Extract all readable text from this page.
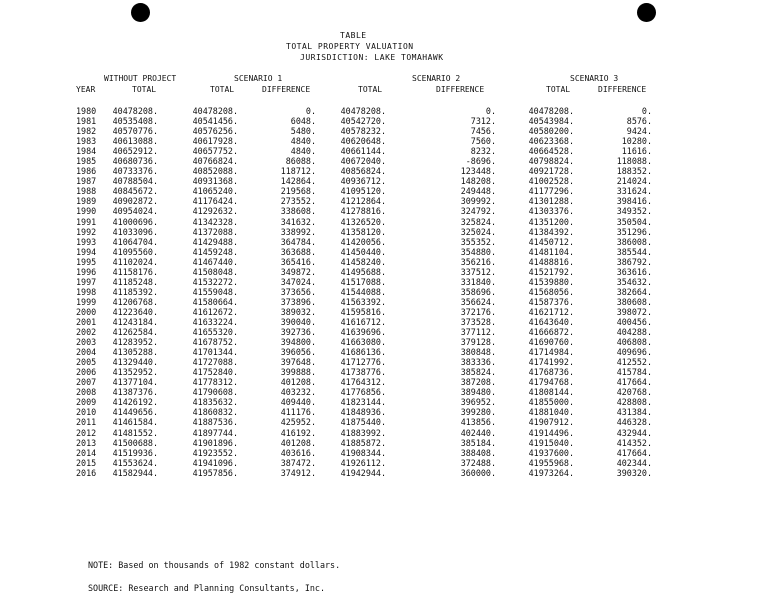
TABLE
TOTAL PROPERTY VALUATION
JURISDICTION: LAKE TOMAHAWK
WITHOUT PROJECT	SCENARIO 1	SCENARIO 2	SCENARIO 3
YEAR	TOTAL	TOTAL	DIFFERENCE	TOTAL	DIFFERENCE	TOTAL	DIFFERENCE
1980	40478208.	40478208.	0.	40478208.	0.	40478208.	0.
1981	40535408.	40541456.	6048.	40542720.	7312.	40543984.	8576.
1982	40570776.	40576256.	5480.	40578232.	7456.	40580200.	9424.
1983	40613088.	40617928.	4840.	40620648.	7560.	40623368.	10280.
1984	40652912.	40657752.	4840.	40661144.	8232.	40664528.	11616.
1985	40680736.	40766824.	86088.	40672040.	-8696.	40798824.	118088.
1986	40733376.	40852088.	118712.	40856824.	123448.	40921728.	188352.
1987	40788504.	40931368.	142864.	40936712.	148208.	41002528.	214024.
1988	40845672.	41065240.	219568.	41095120.	249448.	41177296.	331624.
1989	40902872.	41176424.	273552.	41212864.	309992.	41301288.	398416.
1990	40954024.	41292632.	338608.	41278816.	324792.	41303376.	349352.
1991	41000696.	41342328.	341632.	41326520.	325824.	41351200.	350504.
1992	41033096.	41372088.	338992.	41358120.	325024.	41384392.	351296.
1993	41064704.	41429488.	364784.	41420056.	355352.	41450712.	386008.
1994	41095560.	41459248.	363688.	41450440.	354880.	41481104.	385544.
1995	41102024.	41467440.	365416.	41458240.	356216.	41488816.	386792.
1996	41158176.	41508048.	349872.	41495688.	337512.	41521792.	363616.
1997	41185248.	41532272.	347024.	41517088.	331840.	41539880.	354632.
1998	41185392.	41559048.	373656.	41544088.	358696.	41568056.	382664.
1999	41206768.	41580664.	373896.	41563392.	356624.	41587376.	380608.
2000	41223640.	41612672.	389032.	41595816.	372176.	41621712.	398072.
2001	41243184.	41633224.	390040.	41616712.	373528.	41643640.	400456.
2002	41262584.	41655320.	392736.	41639696.	377112.	41666872.	404288.
2003	41283952.	41678752.	394800.	41663080.	379128.	41690760.	406808.
2004	41305288.	41701344.	396056.	41686136.	380848.	41714984.	409696.
2005	41329440.	41727088.	397648.	41712776.	383336.	41741992.	412552.
2006	41352952.	41752840.	399888.	41738776.	385824.	41768736.	415784.
2007	41377104.	41778312.	401208.	41764312.	387208.	41794768.	417664.
2008	41387376.	41790608.	403232.	41776856.	389480.	41808144.	420768.
2009	41426192.	41835632.	409440.	41823144.	396952.	41855000.	428808.
2010	41449656.	41860832.	411176.	41848936.	399280.	41881040.	431384.
2011	41461584.	41887536.	425952.	41875440.	413856.	41907912.	446328.
2012	41481552.	41897744.	416192.	41883992.	402440.	41914496.	432944.
2013	41500688.	41901896.	401208.	41885872.	385184.	41915040.	414352.
2014	41519936.	41923552.	403616.	41908344.	388408.	41937600.	417664.
2015	41553624.	41941096.	387472.	41926112.	372488.	41955968.	402344.
2016	41582944.	41957856.	374912.	41942944.	360000.	41973264.	390320.
NOTE: Based on thousands of 1982 constant dollars.
SOURCE: Research and Planning Consultants, Inc.
